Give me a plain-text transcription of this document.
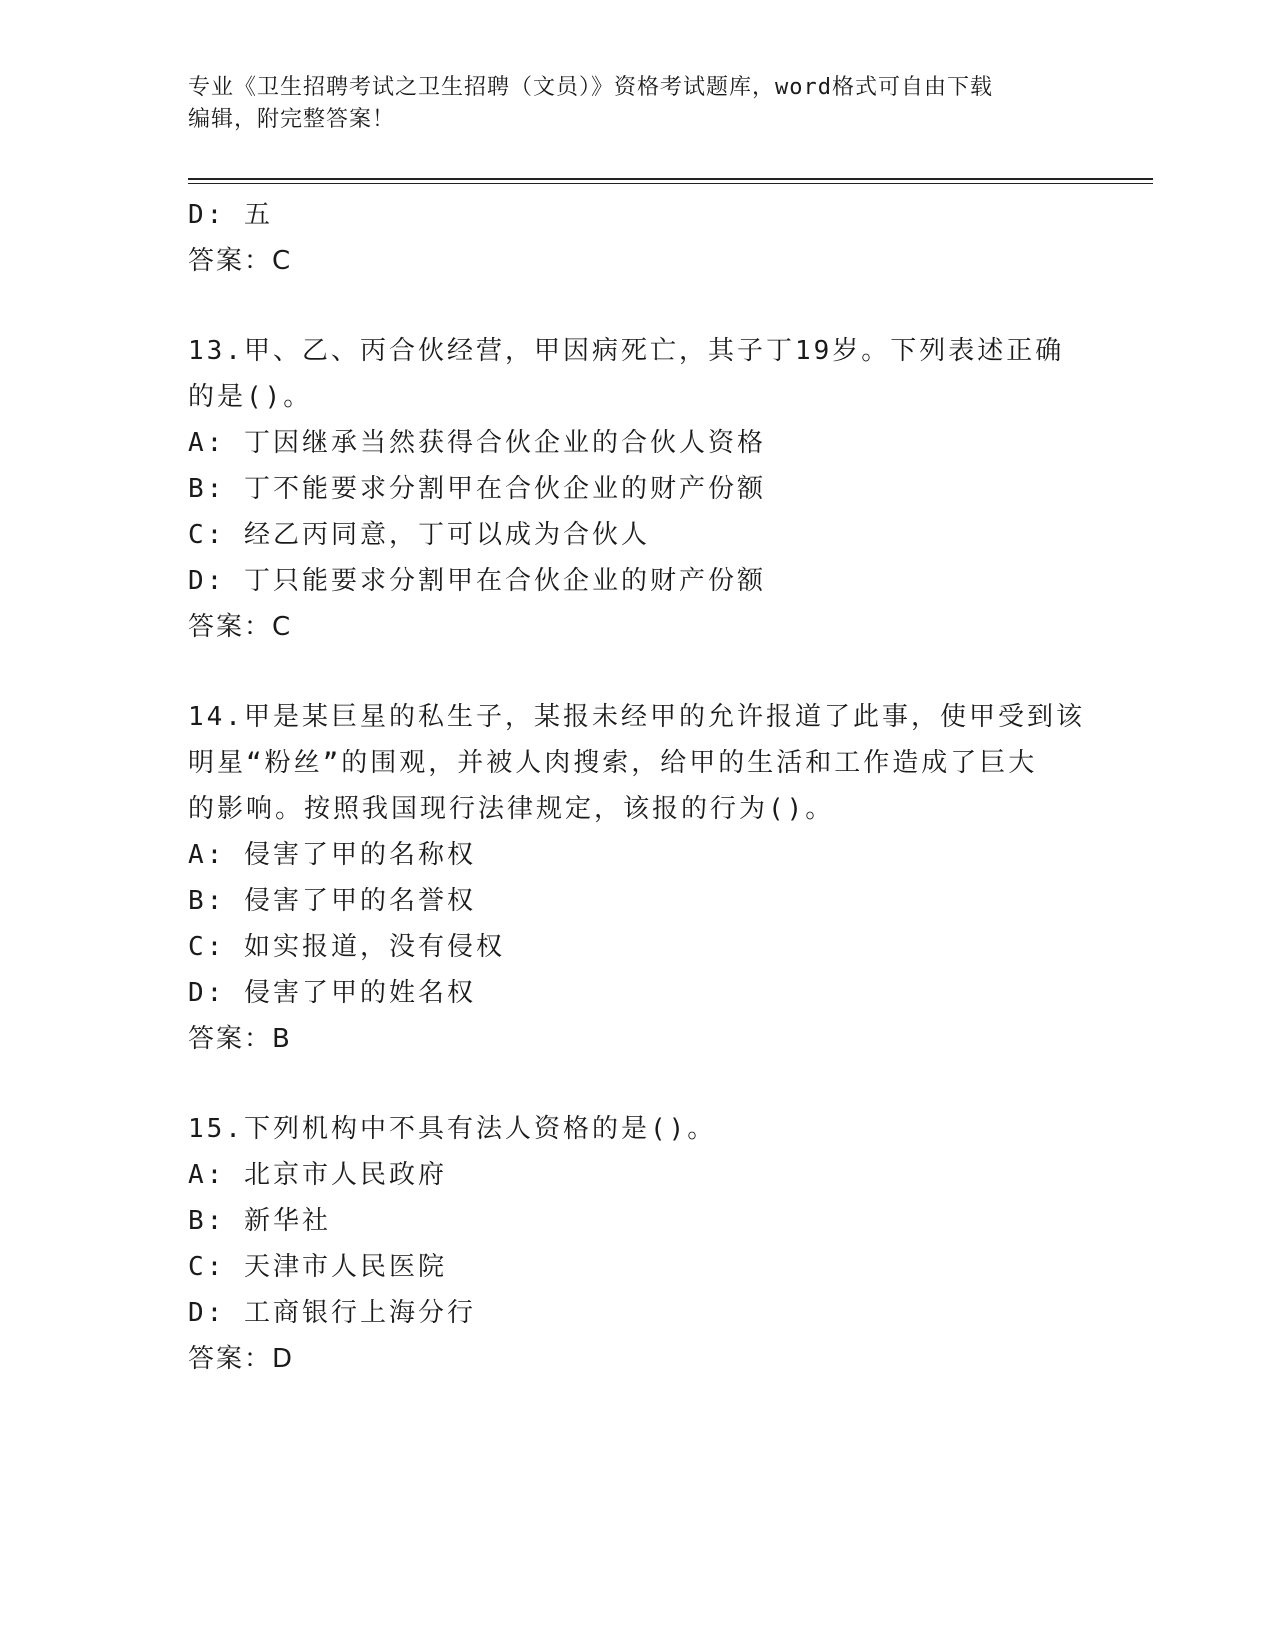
专业《卫生招聘考试之卫生招聘（文员）》资格考试题库，word格式可自由下载
编辑，附完整答案！
D: 五
答案：C
13.甲、乙、丙合伙经营，甲因病死亡，其子丁19岁。下列表述正确
的是()。
A: 丁因继承当然获得合伙企业的合伙人资格
B: 丁不能要求分割甲在合伙企业的财产份额
C: 经乙丙同意，丁可以成为合伙人
D: 丁只能要求分割甲在合伙企业的财产份额
答案：C
14.甲是某巨星的私生子，某报未经甲的允许报道了此事，使甲受到该
明星“粉丝”的围观，并被人肉搜索，给甲的生活和工作造成了巨大
的影响。按照我国现行法律规定，该报的行为()。
A: 侵害了甲的名称权
B: 侵害了甲的名誉权
C: 如实报道，没有侵权
D: 侵害了甲的姓名权
答案：B
15.下列机构中不具有法人资格的是()。
A: 北京市人民政府
B: 新华社
C: 天津市人民医院
D: 工商银行上海分行
答案：D
